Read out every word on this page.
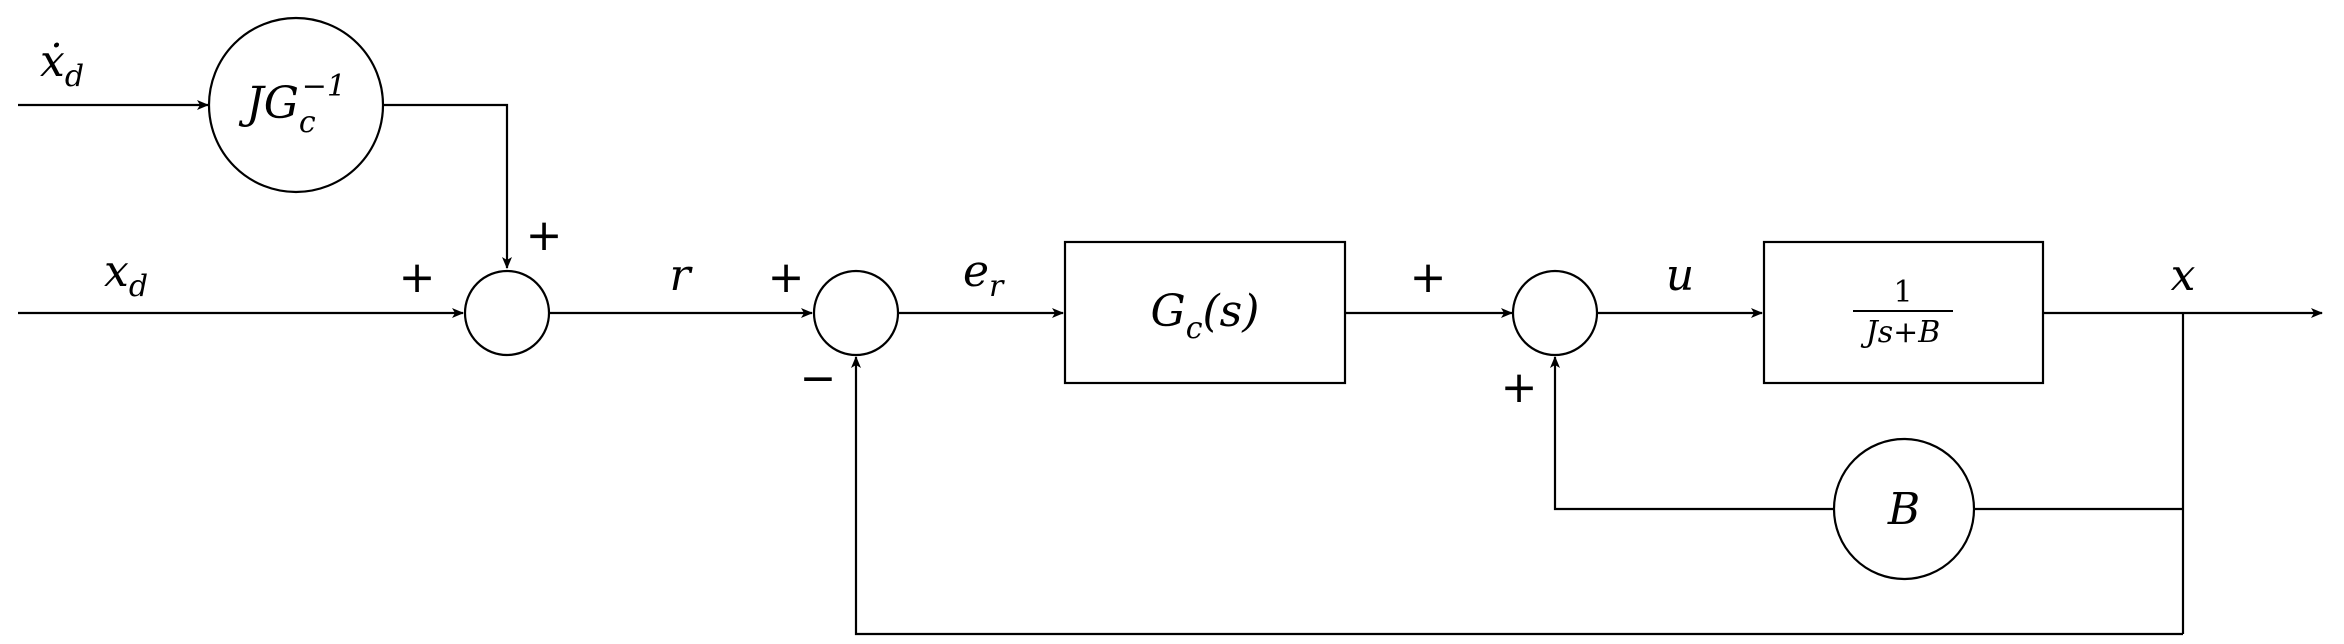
$JG_c-1$
$G_c(s)$	1
Js+B
B
ẋ$_d$
$x_d$	r	$e_r$	u	x
+
+	+
−
+
+
